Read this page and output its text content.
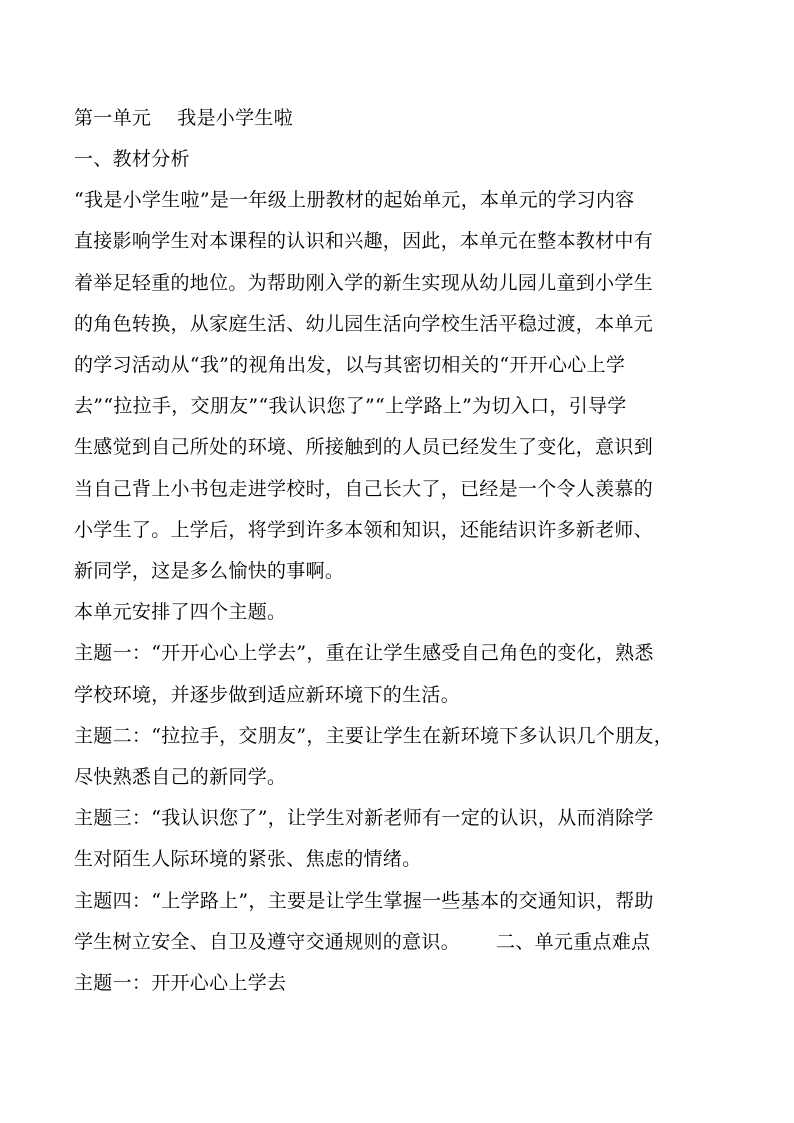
第一单元 我是小学生啦

一、教材分析

“我是小学生啦”是一年级上册教材的起始单元，本单元的学习内容

直接影响学生对本课程的认识和兴趣，因此，本单元在整本教材中有

着举足轻重的地位。为帮助刚入学的新生实现从幼儿园儿童到小学生

的角色转换，从家庭生活、幼儿园生活向学校生活平稳过渡，本单元

的学习活动从“我”的视角出发，以与其密切相关的“开开心心上学

去”“拉拉手，交朋友”“我认识您了”“上学路上”为切入口，引导学

生感觉到自己所处的环境、所接触到的人员已经发生了变化，意识到

当自己背上小书包走进学校时，自己长大了，已经是一个令人羡慕的

小学生了。上学后，将学到许多本领和知识，还能结识许多新老师、

新同学，这是多么愉快的事啊。

本单元安排了四个主题。

主题一：“开开心心上学去”，重在让学生感受自己角色的变化，熟悉

学校环境，并逐步做到适应新环境下的生活。

主题二：“拉拉手，交朋友”，主要让学生在新环境下多认识几个朋友，

尽快熟悉自己的新同学。

主题三：“我认识您了”，让学生对新老师有一定的认识，从而消除学

生对陌生人际环境的紧张、焦虑的情绪。

主题四：“上学路上”，主要是让学生掌握一些基本的交通知识，帮助

学生树立安全、自卫及遵守交通规则的意识。 二、单元重点难点

主题一：开开心心上学去
